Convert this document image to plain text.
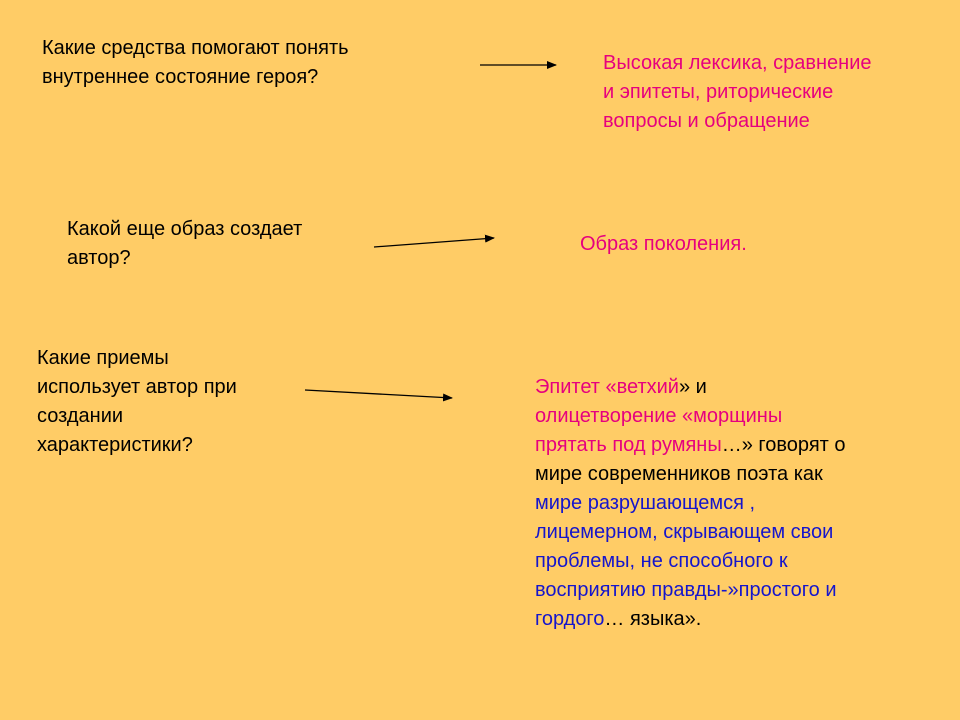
Какие средства помогают понять
внутреннее состояние героя?

Высокая лексика, сравнение
и эпитеты, риторические
вопросы и обращение

Какой еще образ создает
автор?

Образ поколения.

Какие приемы
использует автор при
создании
характеристики?

Эпитет «ветхий» и
олицетворение «морщины
прятать под румяны…» говорят о
мире современников поэта как
мире разрушающемся ,
лицемерном, скрывающем свои
проблемы, не способного к
восприятию правды-»простого и
гордого… языка».
